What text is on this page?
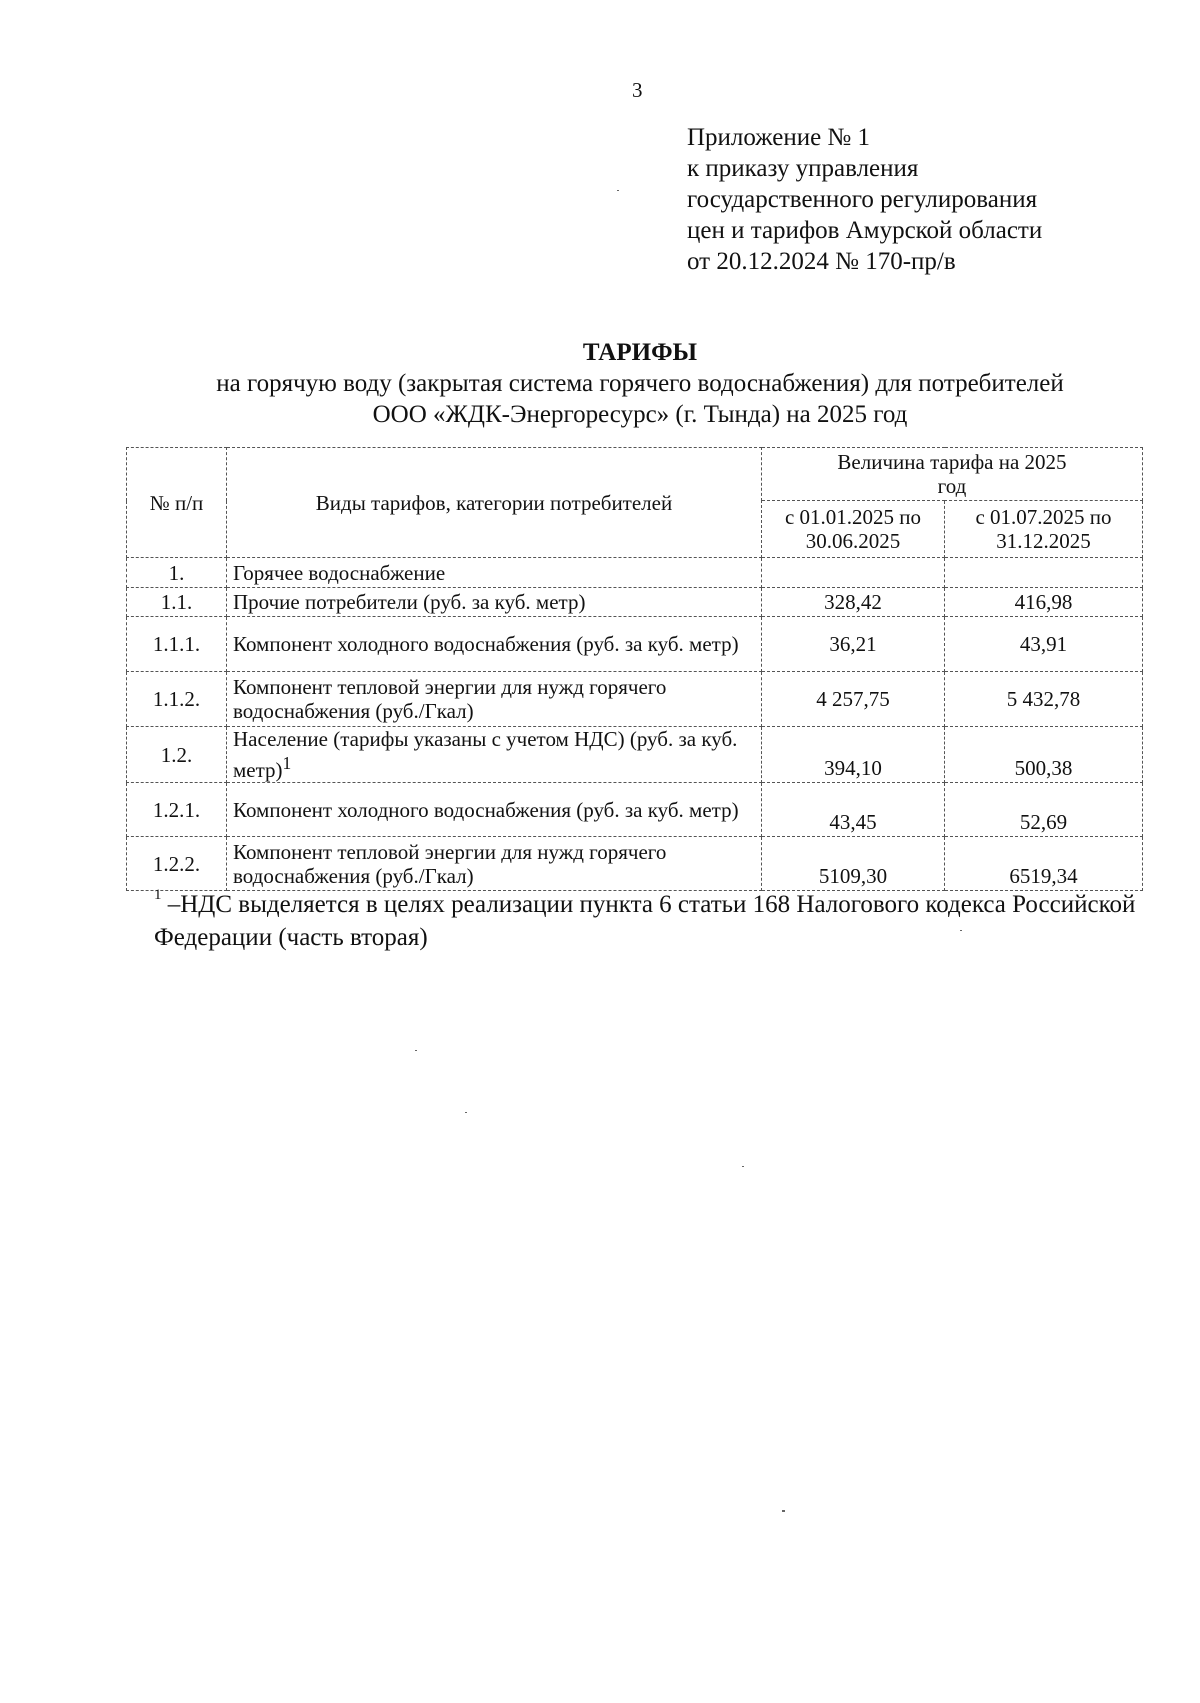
3
Приложение № 1
к приказу управления
государственного регулирования
цен и тарифов Амурской области
от 20.12.2024 № 170-пр/в
ТАРИФЫ
на горячую воду (закрытая система горячего водоснабжения) для потребителей
ООО «ЖДК-Энергоресурс» (г. Тында) на 2025 год
№ п/п	Виды тарифов, категории потребителей	Величина тарифа на 2025 год	
		с 01.01.2025 по 30.06.2025	с 01.07.2025 по 31.12.2025
1.	Горячее водоснабжение		
1.1.	Прочие потребители (руб. за куб. метр)	328,42	416,98
1.1.1.	Компонент холодного водоснабжения (руб. за куб. метр)	36,21	43,91
1.1.2.	Компонент тепловой энергии для нужд горячего водоснабжения (руб./Гкал)	4 257,75	5 432,78
1.2.	Население (тарифы указаны с учетом НДС) (руб. за куб. метр)$^1$	394,10	500,38
1.2.1.	Компонент холодного водоснабжения (руб. за куб. метр)	43,45	52,69
1.2.2.	Компонент тепловой энергии для нужд горячего водоснабжения (руб./Гкал)	5109,30	6519,34
$^1$ –НДС выделяется в целях реализации пункта 6 статьи 168 Налогового кодекса Российской Федерации (часть вторая)
